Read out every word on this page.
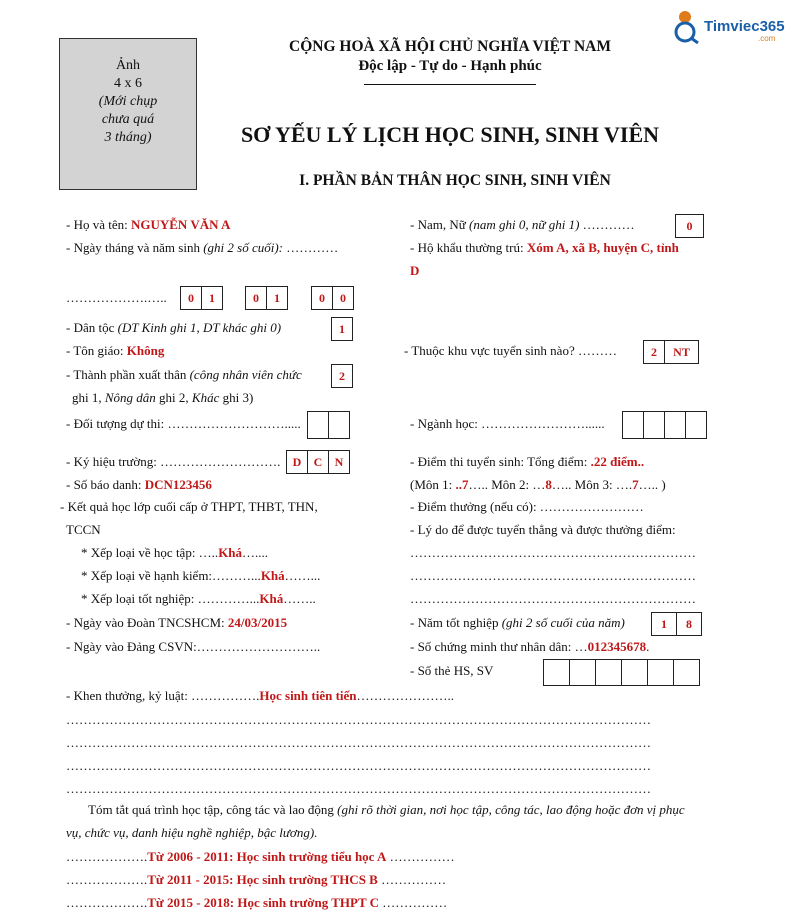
Timviec365
.com
Ảnh
4 x 6
(Mới chụp
chưa quá
3 tháng)
CỘNG HOÀ XÃ HỘI CHỦ NGHĨA VIỆT NAM
Độc lập - Tự do - Hạnh phúc
SƠ YẾU LÝ LỊCH HỌC SINH, SINH VIÊN
I. PHẦN BẢN THÂN HỌC SINH, SINH VIÊN
- Họ và tên: NGUYỄN VĂN A	- Nam, Nữ (nam ghi 0, nữ ghi 1) …………	0
- Ngày tháng và năm sinh (ghi 2 số cuối): …………	- Hộ khẩu thường trú: Xóm A, xã B, huyện C, tỉnh
D
……………….…..	0	1	0	1	0	0
- Dân tộc (DT Kinh ghi 1, DT khác ghi 0)	1
- Tôn giáo: Không	- Thuộc khu vực tuyển sinh nào? ………	2	NT
- Thành phần xuất thân (công nhân viên chức
ghi 1, Nông dân ghi 2, Khác ghi 3)
2
- Đối tượng dự thi: ……………………….....	- Ngành học: ……………………......
- Ký hiệu trường: ……………………….	D	C	N	- Điểm thi tuyển sinh: Tổng điểm: .22 điểm..
- Số báo danh: DCN123456	(Môn 1: ..7….. Môn 2: …8….. Môn 3: ….7….. )
- Kết quả học lớp cuối cấp ở THPT, THBT, THN,	- Điểm thưởng (nếu có): ……………………
TCCN	- Lý do để được tuyển thẳng và được thưởng điểm:
* Xếp loại về học tập: …..Khá…....	…………………………………………………………
* Xếp loại về hạnh kiểm:………...Khá……...	…………………………………………………………
* Xếp loại tốt nghiệp: …………...Khá……..	…………………………………………………………
- Ngày vào Đoàn TNCSHCM: 24/03/2015	- Năm tốt nghiệp (ghi 2 số cuối của năm)	1	8
- Ngày vào Đảng CSVN:………………………..	- Số chứng minh thư nhân dân: …012345678.
- Số thẻ HS, SV
- Khen thưởng, kỷ luật: …………….Học sinh tiên tiến…………………..
………………………………………………………………………………………………………………………
………………………………………………………………………………………………………………………
………………………………………………………………………………………………………………………
………………………………………………………………………………………………………………………
Tóm tắt quá trình học tập, công tác và lao động (ghi rõ thời gian, nơi học tập, công tác, lao động hoặc đơn vị phục
vụ, chức vụ, danh hiệu nghề nghiệp, bậc lương).
……………….Từ 2006 - 2011: Học sinh trường tiểu học A ……………
……………….Từ 2011 - 2015: Học sinh trường THCS B ……………
……………….Từ 2015 - 2018: Học sinh trường THPT C ……………
